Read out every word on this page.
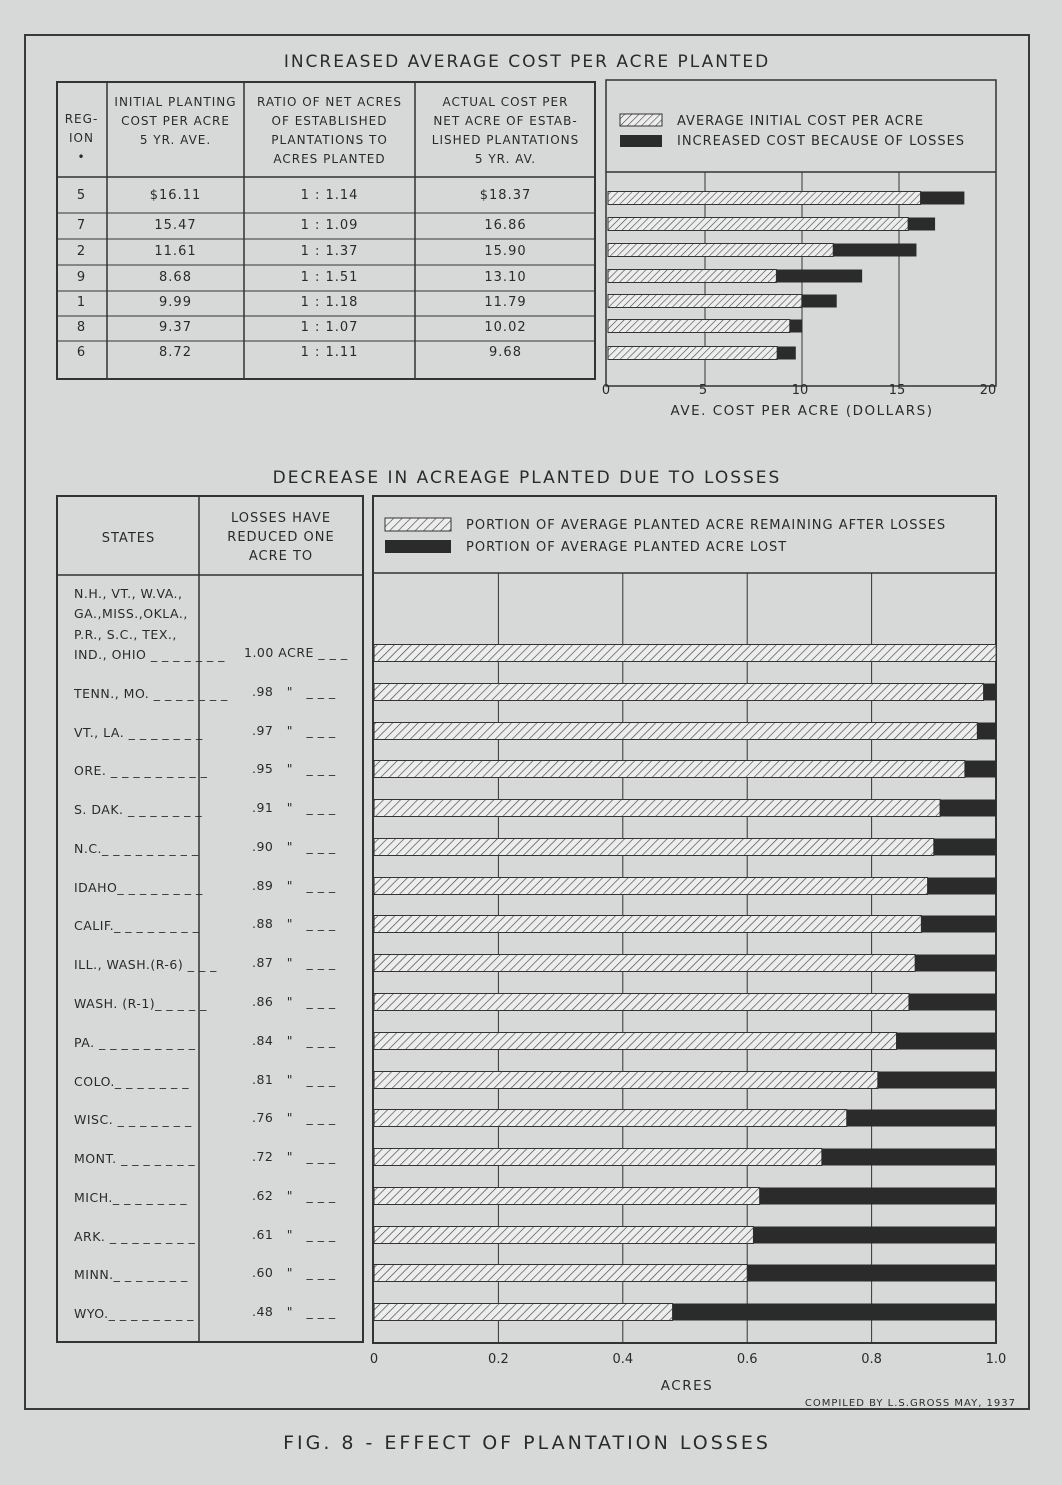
INCREASED AVERAGE COST PER ACRE PLANTED
AVERAGE INITIAL COST PER ACRE
INCREASED COST BECAUSE OF LOSSES
0	5	10	15	20
AVE. COST PER ACRE (DOLLARS)
DECREASE IN ACREAGE PLANTED DUE TO LOSSES
STATES
LOSSES HAVE
REDUCED ONE
ACRE TO
PORTION OF AVERAGE PLANTED ACRE REMAINING AFTER LOSSES
PORTION OF AVERAGE PLANTED ACRE LOST
0	0.2	0.4	0.6	0.8	1.0
ACRES
COMPILED BY L.S.GROSS MAY, 1937
FIG. 8 - EFFECT OF PLANTATION LOSSES
REG-
ION
•
INITIAL PLANTING
COST PER ACRE
5 YR. AVE.
RATIO OF NET ACRES
OF ESTABLISHED
PLANTATIONS TO
ACRES PLANTED
ACTUAL COST PER
NET ACRE OF ESTAB-
LISHED PLANTATIONS
5 YR. AV.
5	$16.11	1 : 1.14	$18.37
7	15.47	1 : 1.09	16.86
2	11.61	1 : 1.37	15.90
9	8.68	1 : 1.51	13.10
1	9.99	1 : 1.18	11.79
8	9.37	1 : 1.07	10.02
6	8.72	1 : 1.11	9.68
N.H., VT., W.VA.,
GA.,MISS.,OKLA.,
P.R., S.C., TEX.,
IND., OHIO _ _ _ _ _ _ _ 1.00 ACRE _ _ _
TENN., MO. _ _ _ _ _ _ _ .98   "   _ _ _
VT., LA. _ _ _ _ _ _ _	.97   "   _ _ _
ORE. _ _ _ _ _ _ _ _ _	.95   "   _ _ _
S. DAK. _ _ _ _ _ _ _	.91   "   _ _ _
N.C._ _ _ _ _ _ _ _ _	.90   "   _ _ _
IDAHO_ _ _ _ _ _ _ _	.89   "   _ _ _
CALIF._ _ _ _ _ _ _ _	.88   "   _ _ _
ILL., WASH.(R-6) _ _ _	.87   "   _ _ _
WASH. (R-1)_ _ _ _ _	.86   "   _ _ _
PA. _ _ _ _ _ _ _ _ _	.84   "   _ _ _
COLO._ _ _ _ _ _ _	.81   "   _ _ _
WISC. _ _ _ _ _ _ _	.76   "   _ _ _
MONT. _ _ _ _ _ _ _	.72   "   _ _ _
MICH._ _ _ _ _ _ _	.62   "   _ _ _
ARK. _ _ _ _ _ _ _ _	.61   "   _ _ _
MINN._ _ _ _ _ _ _	.60   "   _ _ _
WYO._ _ _ _ _ _ _ _	.48   "   _ _ _
